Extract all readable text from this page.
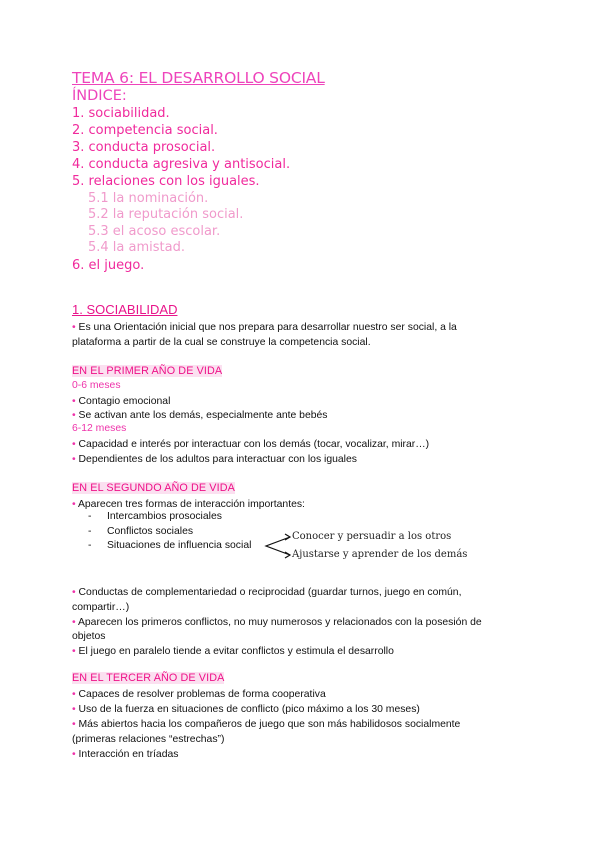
TEMA 6: EL DESARROLLO SOCIAL
ÍNDICE:
1. sociabilidad.
2. competencia social.
3. conducta prosocial.
4. conducta agresiva y antisocial.
5. relaciones con los iguales.
5.1 la nominación.
5.2 la reputación social.
5.3 el acoso escolar.
5.4 la amistad.
6. el juego.
1. SOCIABILIDAD
• Es una Orientación inicial que nos prepara para desarrollar nuestro ser social, a la
plataforma a partir de la cual se construye la competencia social.
EN EL PRIMER AÑO DE VIDA
0-6 meses
• Contagio emocional
• Se activan ante los demás, especialmente ante bebés
6-12 meses
• Capacidad e interés por interactuar con los demás (tocar, vocalizar, mirar…)
• Dependientes de los adultos para interactuar con los iguales
EN EL SEGUNDO AÑO DE VIDA
• Aparecen tres formas de interacción importantes:
- Intercambios prosociales
- Conflictos sociales
- Situaciones de influencia social
Conocer y persuadir a los otros
Ajustarse y aprender de los demás
• Conductas de complementariedad o reciprocidad (guardar turnos, juego en común,
compartir…)
• Aparecen los primeros conflictos, no muy numerosos y relacionados con la posesión de
objetos
• El juego en paralelo tiende a evitar conflictos y estimula el desarrollo
EN EL TERCER AÑO DE VIDA
• Capaces de resolver problemas de forma cooperativa
• Uso de la fuerza en situaciones de conflicto (pico máximo a los 30 meses)
• Más abiertos hacia los compañeros de juego que son más habilidosos socialmente
(primeras relaciones “estrechas”)
• Interacción en tríadas
